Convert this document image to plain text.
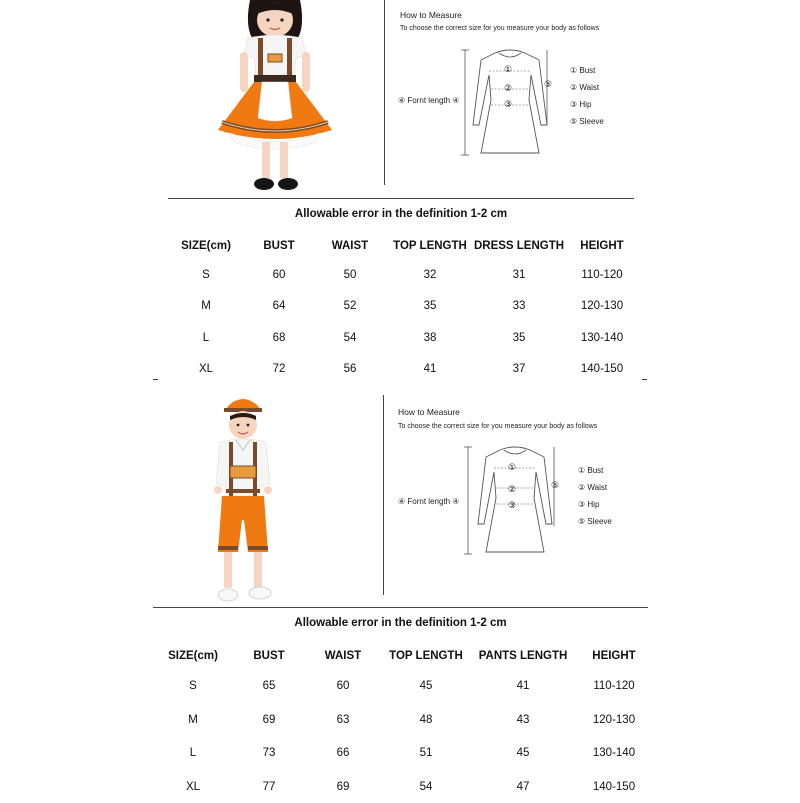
How to Measure
To choose the correct size for you measure your body as follows
①
②
③
⑤
④ Fornt length ④
① Bust
② Waist
③ Hip
⑤ Sleeve
Allowable error in the definition 1-2 cm
SIZE(cm)	BUST	WAIST	TOP LENGTH	DRESS LENGTH	HEIGHT
S	60	50	32	31	110-120
M	64	52	35	33	120-130
L	68	54	38	35	130-140
XL	72	56	41	37	140-150
How to Measure
To choose the correct size for you measure your body as follows
①
②
③
⑤
④ Fornt length ④
① Bust
② Waist
③ Hip
⑤ Sleeve
Allowable error in the definition 1-2 cm
SIZE(cm)	BUST	WAIST	TOP LENGTH	PANTS LENGTH	HEIGHT
S	65	60	45	41	110-120
M	69	63	48	43	120-130
L	73	66	51	45	130-140
XL	77	69	54	47	140-150
